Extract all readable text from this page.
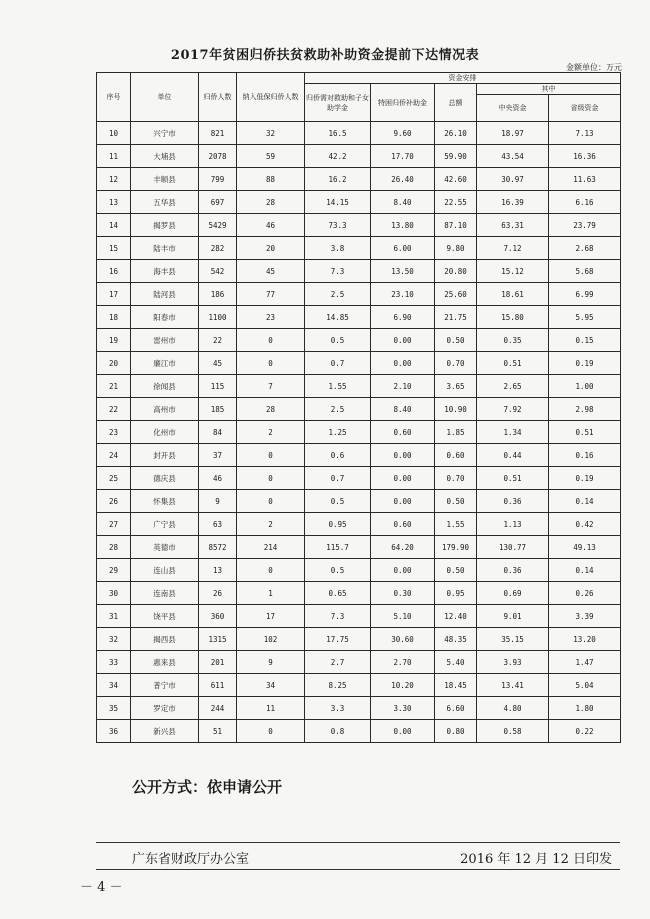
2017年贫困归侨扶贫救助补助资金提前下达情况表
金额单位：万元
序号	单位	归侨人数	纳入低保归侨人数	资金安排				
				归侨需对救助和子女助学金	特困归侨补助金	总额	其中	
							中央资金	省级资金
10	兴宁市	821	32	16.5	9.60	26.10	18.97	7.13
11	大埔县	2078	59	42.2	17.70	59.90	43.54	16.36
12	丰顺县	799	88	16.2	26.40	42.60	30.97	11.63
13	五华县	697	28	14.15	8.40	22.55	16.39	6.16
14	揭罗县	5429	46	73.3	13.80	87.10	63.31	23.79
15	陆丰市	282	20	3.8	6.00	9.80	7.12	2.68
16	海丰县	542	45	7.3	13.50	20.80	15.12	5.68
17	陆河县	186	77	2.5	23.10	25.60	18.61	6.99
18	阳春市	1100	23	14.85	6.90	21.75	15.80	5.95
19	雷州市	22	0	0.5	0.00	0.50	0.35	0.15
20	廉江市	45	0	0.7	0.00	0.70	0.51	0.19
21	徐闻县	115	7	1.55	2.10	3.65	2.65	1.00
22	高州市	185	28	2.5	8.40	10.90	7.92	2.98
23	化州市	84	2	1.25	0.60	1.85	1.34	0.51
24	封开县	37	0	0.6	0.00	0.60	0.44	0.16
25	德庆县	46	0	0.7	0.00	0.70	0.51	0.19
26	怀集县	9	0	0.5	0.00	0.50	0.36	0.14
27	广宁县	63	2	0.95	0.60	1.55	1.13	0.42
28	英德市	8572	214	115.7	64.20	179.90	130.77	49.13
29	连山县	13	0	0.5	0.00	0.50	0.36	0.14
30	连南县	26	1	0.65	0.30	0.95	0.69	0.26
31	饶平县	360	17	7.3	5.10	12.40	9.01	3.39
32	揭西县	1315	102	17.75	30.60	48.35	35.15	13.20
33	惠来县	201	9	2.7	2.70	5.40	3.93	1.47
34	普宁市	611	34	8.25	10.20	18.45	13.41	5.04
35	罗定市	244	11	3.3	3.30	6.60	4.80	1.80
36	新兴县	51	0	0.8	0.00	0.80	0.58	0.22
公开方式：依申请公开
广东省财政厅办公室	2016 年 12 月 12 日印发
－ 4 －
